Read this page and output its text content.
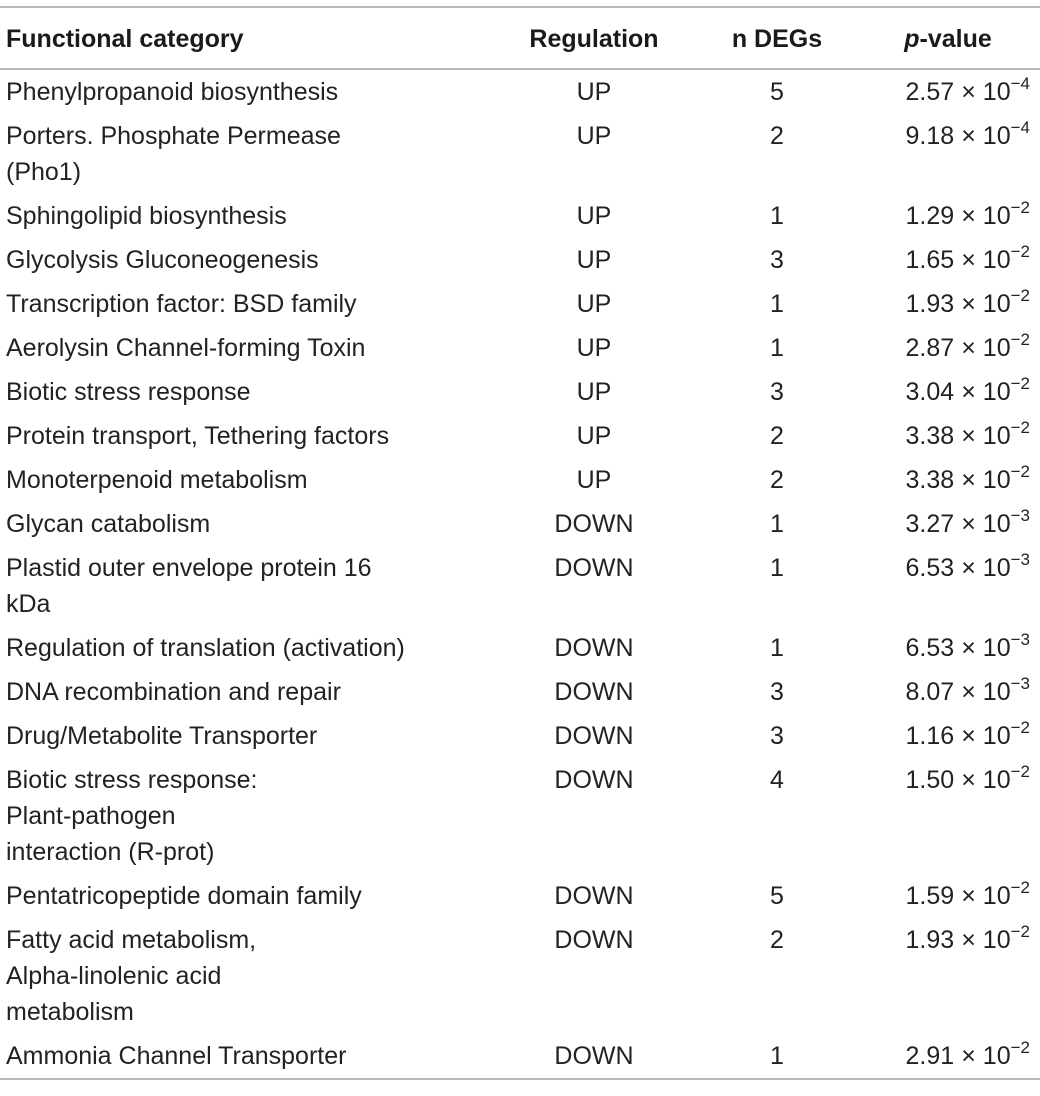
Functional category	Regulation	n DEGs	p-value

Phenylpropanoid biosynthesis	UP	5	$2.57 \times 10^{-4}$

Porters. Phosphate Permease
(Pho1)	UP	2	$9.18 \times 10^{-4}$

Sphingolipid biosynthesis	UP	1	$1.29 \times 10^{-2}$

Glycolysis Gluconeogenesis	UP	3	$1.65 \times 10^{-2}$

Transcription factor: BSD family	UP	1	$1.93 \times 10^{-2}$

Aerolysin Channel-forming Toxin	UP	1	$2.87 \times 10^{-2}$

Biotic stress response	UP	3	$3.04 \times 10^{-2}$

Protein transport, Tethering factors	UP	2	$3.38 \times 10^{-2}$

Monoterpenoid metabolism	UP	2	$3.38 \times 10^{-2}$

Glycan catabolism	DOWN	1	$3.27 \times 10^{-3}$

Plastid outer envelope protein 16
kDa	DOWN	1	$6.53 \times 10^{-3}$

Regulation of translation (activation)	DOWN	1	$6.53 \times 10^{-3}$

DNA recombination and repair	DOWN	3	$8.07 \times 10^{-3}$

Drug/Metabolite Transporter	DOWN	3	$1.16 \times 10^{-2}$

Biotic stress response:
Plant-pathogen
interaction (R-prot)	DOWN	4	$1.50 \times 10^{-2}$

Pentatricopeptide domain family	DOWN	5	$1.59 \times 10^{-2}$

Fatty acid metabolism,
Alpha-linolenic acid
metabolism	DOWN	2	$1.93 \times 10^{-2}$

Ammonia Channel Transporter	DOWN	1	$2.91 \times 10^{-2}$
